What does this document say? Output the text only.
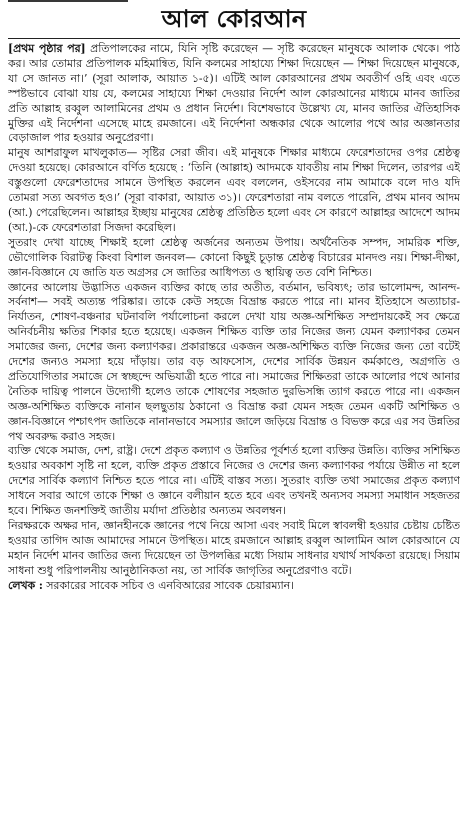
আল কোরআন

[প্রথম পৃষ্ঠার পর] প্রতিপালকের নামে, যিনি সৃষ্টি করেছেন — সৃষ্টি করেছেন মানুষকে আলাক থেকে। পাঠ কর। আর তোমার প্রতিপালক মহিমান্বিত, যিনি কলমের সাহায্যে শিক্ষা দিয়েছেন — শিক্ষা দিয়েছেন মানুষকে, যা সে জানত না।’ (সূরা আলাক, আয়াত ১-৫)। এটিই আল কোরআনের প্রথম অবতীর্ণ ওহি এবং এতে স্পষ্টভাবে বোঝা যায় যে, কলমের সাহায্যে শিক্ষা দেওয়ার নির্দেশ আল কোরআনের মাধ্যমে মানব জাতির প্রতি আল্লাহ রব্বুল আলামিনের প্রথম ও প্রধান নির্দেশ। বিশেষভাবে উল্লেখ্য যে, মানব জাতির ঐতিহাসিক মুক্তির এই নির্দেশনা এসেছে মাহে রমজানে। এই নির্দেশনা অন্ধকার থেকে আলোর পথে আর অজ্ঞানতার বেড়াজাল পার হওয়ার অনুপ্রেরণা।

মানুষ আশরাফুল মাখলুকাত— সৃষ্টির সেরা জীব। এই মানুষকে শিক্ষার মাধ্যমে ফেরেশতাদের ওপর শ্রেষ্ঠত্ব দেওয়া হয়েছে। কোরআনে বর্ণিত হয়েছে : ‘তিনি (আল্লাহ) আদমকে যাবতীয় নাম শিক্ষা দিলেন, তারপর এই বস্তুগুলো ফেরেশতাদের সামনে উপস্থিত করলেন এবং বললেন, ওইসবের নাম আমাকে বলে দাও যদি তোমরা সত্য অবগত হও।’ (সূরা বাকারা, আয়াত ৩১)। ফেরেশতারা নাম বলতে পারেনি, প্রথম মানব আদম (আ.) পেরেছিলেন। আল্লাহর ইচ্ছায় মানুষের শ্রেষ্ঠত্ব প্রতিষ্ঠিত হলো এবং সে কারণে আল্লাহর আদেশে আদম (আ.)-কে ফেরেশতারা সিজদা করেছিল।

সুতরাং দেখা যাচ্ছে শিক্ষাই হলো শ্রেষ্ঠত্ব অর্জনের অন্যতম উপায়। অর্থনৈতিক সম্পদ, সামরিক শক্তি, ভৌগোলিক বিরাটত্ব কিংবা বিশাল জনবল— কোনো কিছুই চূড়ান্ত শ্রেষ্ঠত্ব বিচারের মানদণ্ড নয়। শিক্ষা-দীক্ষা, জ্ঞান-বিজ্ঞানে যে জাতি যত অগ্রসর সে জাতির আধিপত্য ও স্থায়িত্ব তত বেশি নিশ্চিত।

জ্ঞানের আলোয় উদ্ভাসিত একজন ব্যক্তির কাছে তার অতীত, বর্তমান, ভবিষ্যৎ; তার ভালোমন্দ, আনন্দ-সর্বনাশ— সবই অত্যন্ত পরিষ্কার। তাকে কেউ সহজে বিভ্রান্ত করতে পারে না। মানব ইতিহাসে অত্যাচার-নির্যাতন, শোষণ-বঞ্চনার ঘটনাবলি পর্যালোচনা করলে দেখা যায় অজ্ঞ-অশিক্ষিত সম্প্রদায়কেই সব ক্ষেত্রে অনির্বচনীয় ক্ষতির শিকার হতে হয়েছে। একজন শিক্ষিত ব্যক্তি তার নিজের জন্য যেমন কল্যাণকর তেমন সমাজের জন্য, দেশের জন্য কল্যাণকর। প্রকারান্তরে একজন অজ্ঞ-অশিক্ষিত ব্যক্তি নিজের জন্য তো বটেই দেশের জন্যও সমস্যা হয়ে দাঁড়ায়। তার বড় আফসোস, দেশের সার্বিক উন্নয়ন কর্মকাণ্ডে, অগ্রগতি ও প্রতিযোগিতার সমাজে সে স্বচ্ছন্দে অভিযাত্রী হতে পারে না। সমাজের শিক্ষিতরা তাকে আলোর পথে আনার নৈতিক দায়িত্ব পালনে উদ্যোগী হলেও তাকে শোষণের সহজাত দুরভিসন্ধি ত্যাগ করতে পারে না। একজন অজ্ঞ-অশিক্ষিত ব্যক্তিকে নানান ছলছুতায় ঠকানো ও বিভ্রান্ত করা যেমন সহজ তেমন একটি অশিক্ষিত ও জ্ঞান-বিজ্ঞানে পশ্চাৎপদ জাতিকে নানানভাবে সমস্যার জালে জড়িয়ে বিভ্রান্ত ও বিভক্ত করে এর সব উন্নতির পথ অবরুদ্ধ করাও সহজ।

ব্যক্তি থেকে সমাজ, দেশ, রাষ্ট্র। দেশে প্রকৃত কল্যাণ ও উন্নতির পূর্বশর্ত হলো ব্যক্তির উন্নতি। ব্যক্তির সশিক্ষিত হওয়ার অবকাশ সৃষ্টি না হলে, ব্যক্তি প্রকৃত প্রস্তাবে নিজের ও দেশের জন্য কল্যাণকর পর্যায়ে উন্নীত না হলে দেশের সার্বিক কল্যাণ নিশ্চিত হতে পারে না। এটিই বাস্তব সত্য। সুতরাং ব্যক্তি তথা সমাজের প্রকৃত কল্যাণ সাধনে সবার আগে তাকে শিক্ষা ও জ্ঞানে বলীয়ান হতে হবে এবং তখনই অন্যসব সমস্যা সমাধান সহজতর হবে। শিক্ষিত জনশক্তিই জাতীয় মর্যাদা প্রতিষ্ঠার অন্যতম অবলম্বন।

নিরক্ষরকে অক্ষর দান, জ্ঞানহীনকে জ্ঞানের পথে নিয়ে আসা এবং সবাই মিলে স্বাবলম্বী হওয়ার চেষ্টায় চেষ্টিত হওয়ার তাগিদ আজ আমাদের সামনে উপস্থিত। মাহে রমজানে আল্লাহ রব্বুল আলামিন আল কোরআনে যে মহান নির্দেশ মানব জাতির জন্য দিয়েছেন তা উপলব্ধির মধ্যে সিয়াম সাধনার যথার্থ সার্থকতা রয়েছে। সিয়াম সাধনা শুধু পরিপালনীয় আনুষ্ঠানিকতা নয়, তা সার্বিক জাগৃতির অনুপ্রেরণাও বটে।

লেখক : সরকারের সাবেক সচিব ও এনবিআরের সাবেক চেয়ারম্যান।
